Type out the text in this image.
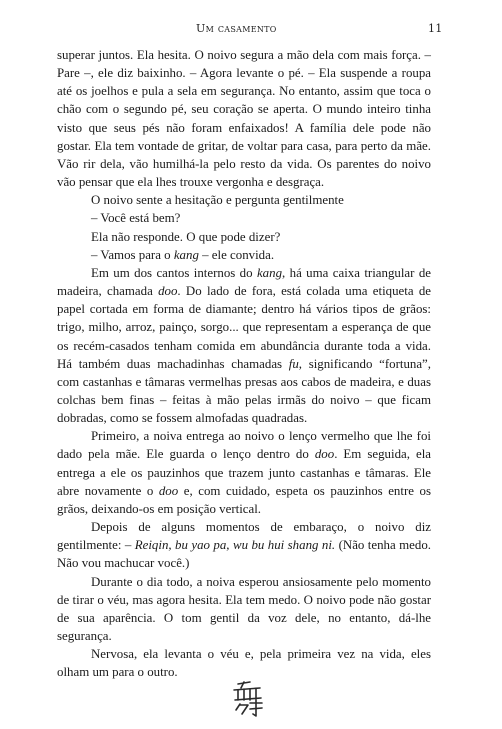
Um casamento	11

superar juntos. Ela hesita. O noivo segura a mão dela com mais força. – Pare –, ele diz baixinho. – Agora levante o pé. – Ela suspende a roupa até os joelhos e pula a sela em segurança. No entanto, assim que toca o chão com o segundo pé, seu coração se aperta. O mundo inteiro tinha visto que seus pés não foram enfaixados! A família dele pode não gostar. Ela tem vontade de gritar, de voltar para casa, para perto da mãe. Vão rir dela, vão humilhá-la pelo resto da vida. Os parentes do noivo vão pensar que ela lhes trouxe vergonha e desgraça.

O noivo sente a hesitação e pergunta gentilmente

– Você está bem?

Ela não responde. O que pode dizer?

– Vamos para o kang – ele convida.

Em um dos cantos internos do kang, há uma caixa triangular de madeira, chamada doo. Do lado de fora, está colada uma etiqueta de papel cortada em forma de diamante; dentro há vários tipos de grãos: trigo, milho, arroz, painço, sorgo... que representam a esperança de que os recém-casados tenham comida em abundância durante toda a vida. Há também duas machadinhas chamadas fu, significando “fortuna”, com castanhas e tâmaras vermelhas presas aos cabos de madeira, e duas colchas bem finas – feitas à mão pelas irmãs do noivo – que ficam dobradas, como se fossem almofadas quadradas.

Primeiro, a noiva entrega ao noivo o lenço vermelho que lhe foi dado pela mãe. Ele guarda o lenço dentro do doo. Em seguida, ela entrega a ele os pauzinhos que trazem junto castanhas e tâmaras. Ele abre novamente o doo e, com cuidado, espeta os pauzinhos entre os grãos, deixando-os em posição vertical.

Depois de alguns momentos de embaraço, o noivo diz gentilmente: – Reiqin, bu yao pa, wu bu hui shang ni. (Não tenha medo. Não vou machucar você.)

Durante o dia todo, a noiva esperou ansiosamente pelo momento de tirar o véu, mas agora hesita. Ela tem medo. O noivo pode não gostar de sua aparência. O tom gentil da voz dele, no entanto, dá-lhe segurança.

Nervosa, ela levanta o véu e, pela primeira vez na vida, eles olham um para o outro.
